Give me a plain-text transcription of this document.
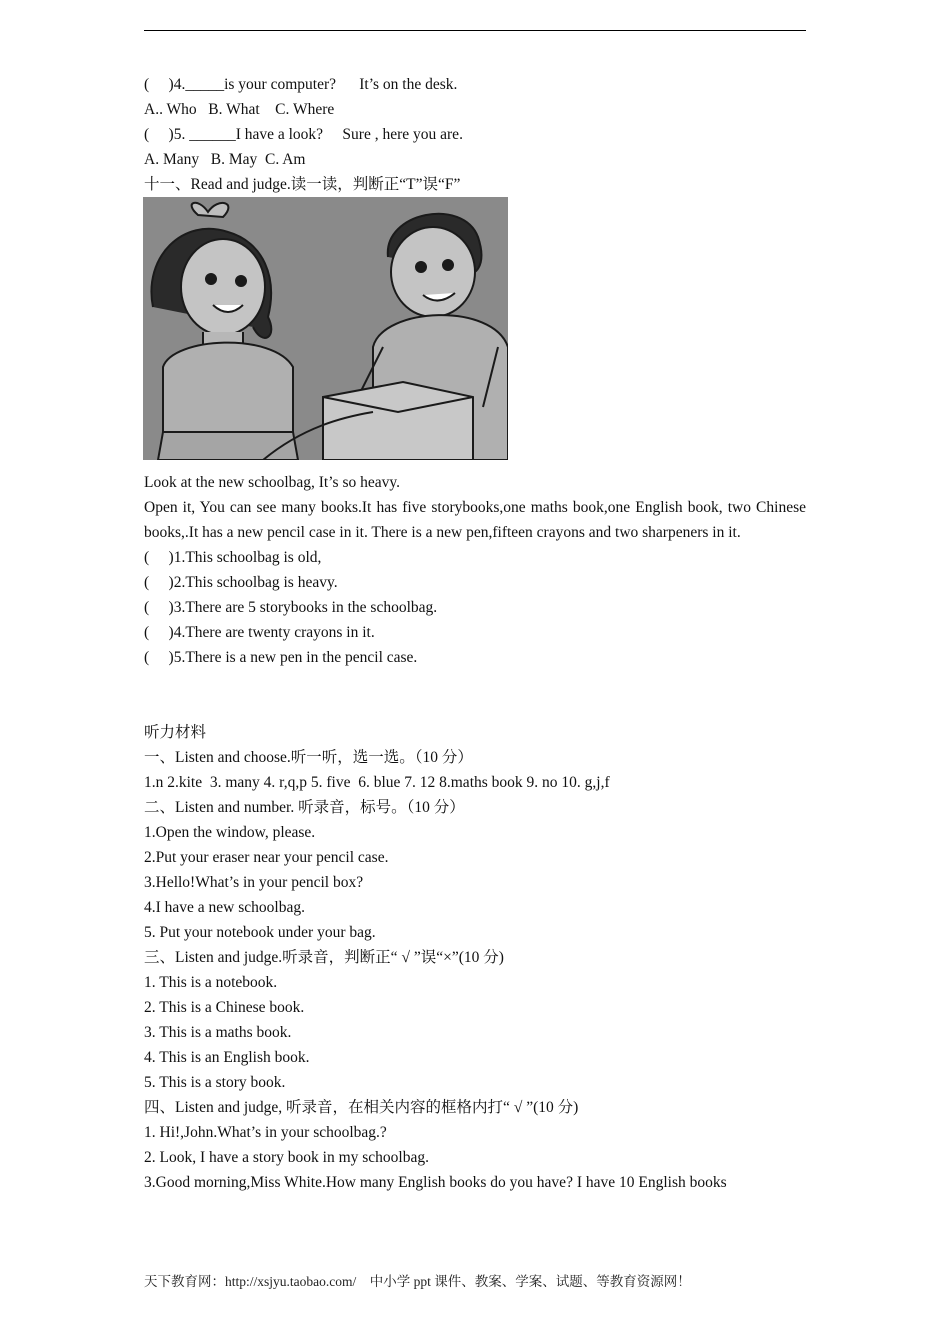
(     )4._____is your computer?      It’s on the desk.
A.. Who   B. What    C. Where
(     )5. ______I have a look?     Sure , here you are.
A. Many   B. May  C. Am
十一、Read and judge.读一读，判断正“T”误“F”
Look at the new schoolbag, It’s so heavy.

Open it, You can see many books.It has five storybooks,one maths book,one English book, two Chinese books,.It has a new pencil case in it. There is a new pen,fifteen crayons and two sharpeners in it.

(     )1.This schoolbag is old,
(     )2.This schoolbag is heavy.
(     )3.There are 5 storybooks in the schoolbag.
(     )4.There are twenty crayons in it.
(     )5.There is a new pen in the pencil case.
听力材料
一、Listen and choose.听一听，选一选。（10 分）
1.n 2.kite  3. many 4. r,q,p 5. five  6. blue 7. 12 8.maths book 9. no 10. g,j,f
二、Listen and number. 听录音，标号。（10 分）
1.Open the window, please.
2.Put your eraser near your pencil case.
3.Hello!What’s in your pencil box?
4.I have a new schoolbag.
5. Put your notebook under your bag.
三、Listen and judge.听录音，判断正“ √ ”误“×”(10 分)
1. This is a notebook.
2. This is a Chinese book.
3. This is a maths book.
4. This is an English book.
5. This is a story book.
四、Listen and judge, 听录音，在相关内容的框格内打“ √ ”(10 分)
1. Hi!,John.What’s in your schoolbag.?
2. Look, I have a story book in my schoolbag.
3.Good morning,Miss White.How many English books do you have? I have 10 English books
天下教育网：http://xsjyu.taobao.com/    中小学 ppt 课件、教案、学案、试题、等教育资源网！
